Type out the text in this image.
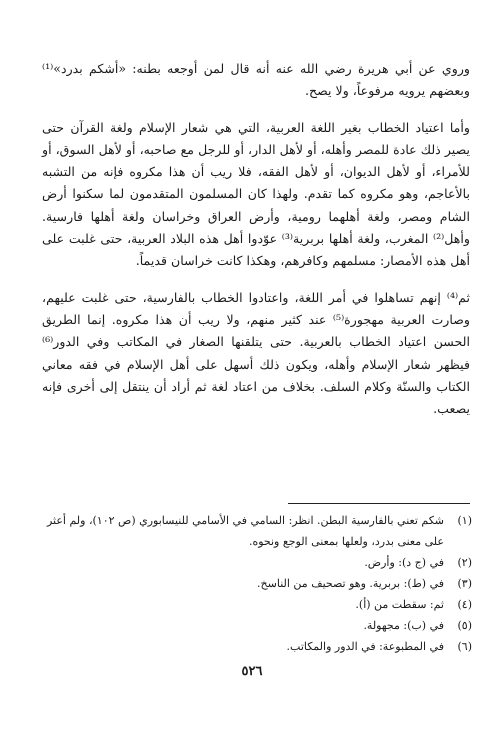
وروي عن أبي هريرة رضي الله عنه أنه قال لمن أوجعه بطنه: «أشكم بدرد»⁽¹⁾ وبعضهم يرويه مرفوعاً، ولا يصح.

وأما اعتياد الخطاب بغير اللغة العربية، التي هي شعار الإسلام ولغة القرآن حتى يصير ذلك عادة للمصر وأهله، أو لأهل الدار، أو للرجل مع صاحبه، أو لأهل السوق، أو للأمراء، أو لأهل الديوان، أو لأهل الفقه، فلا ريب أن هذا مكروه فإنه من التشبه بالأعاجم، وهو مكروه كما تقدم. ولهذا كان المسلمون المتقدمون لما سكنوا أرض الشام ومصر، ولغة أهلهما رومية، وأرض العراق وخراسان ولغة أهلها فارسية. وأهل⁽²⁾ المغرب، ولغة أهلها بربرية⁽³⁾ عوّدوا أهل هذه البلاد العربية، حتى غلبت على أهل هذه الأمصار: مسلمهم وكافرهم، وهكذا كانت خراسان قديماً.

ثم⁽⁴⁾ إنهم تساهلوا في أمر اللغة، واعتادوا الخطاب بالفارسية، حتى غلبت عليهم، وصارت العربية مهجورة⁽⁵⁾ عند كثير منهم، ولا ريب أن هذا مكروه. إنما الطريق الحسن اعتياد الخطاب بالعربية. حتى يتلقنها الصغار في المكاتب وفي الدور⁽⁶⁾ فيظهر شعار الإسلام وأهله، ويكون ذلك أسهل على أهل الإسلام في فقه معاني الكتاب والسنّة وكلام السلف. بخلاف من اعتاد لغة ثم أراد أن ينتقل إلى أخرى فإنه يصعب.

(١)
شكم تعني بالفارسية البطن. انظر: السامي في الأسامي للنيسابوري (ص ١٠٢)، ولم أعثر على معنى بدرد، ولعلها بمعنى الوجع ونحوه.
(٢)
في (ج د): وأرض.
(٣)
في (ط): بربرية. وهو تصحيف من الناسخ.
(٤)
ثم: سقطت من (أ).
(٥)
في (ب): مجهولة.
(٦)
في المطبوعة: في الدور والمكاتب.
٥٢٦
